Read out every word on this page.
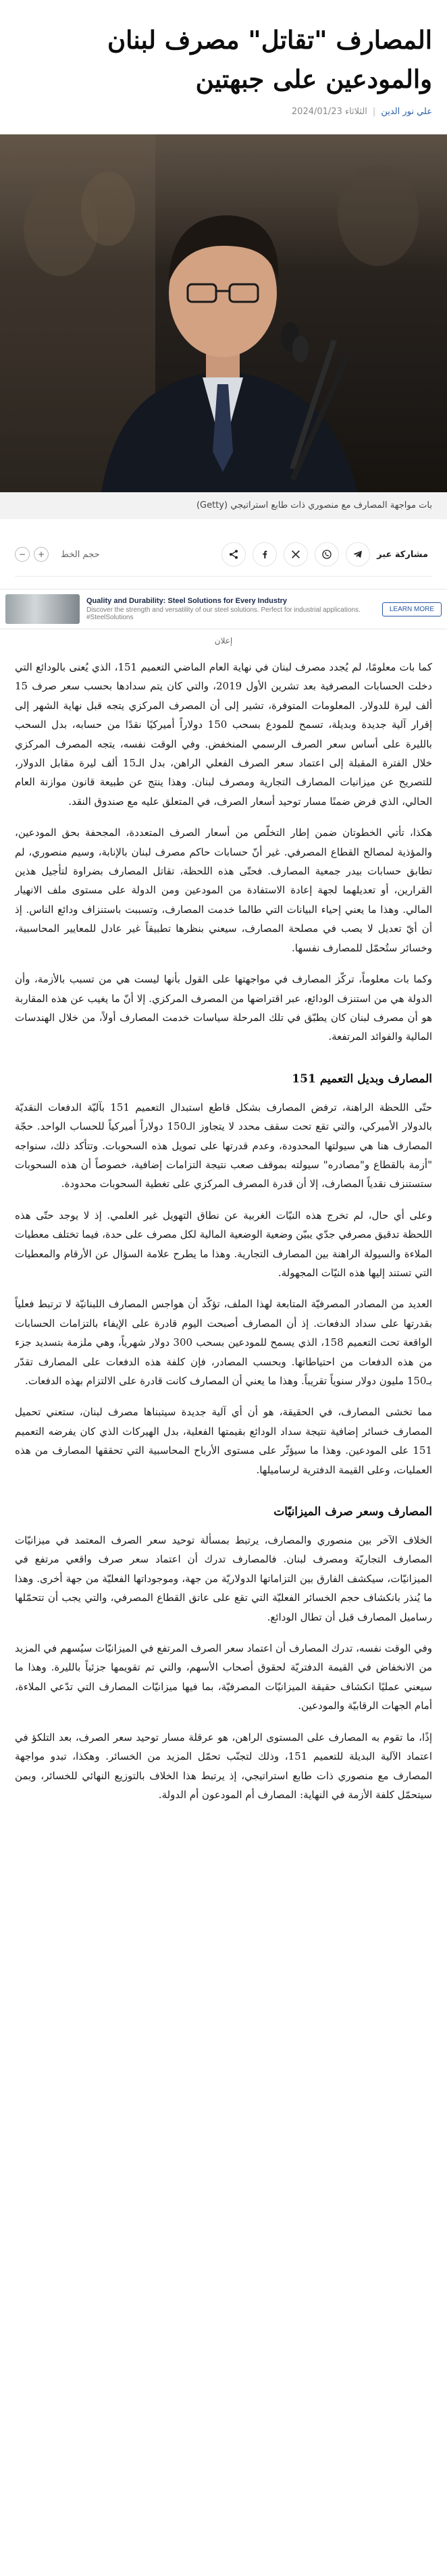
المصارف "تقاتل" مصرف لبنان والمودعين على جبهتين
علي نور الدين
|
الثلاثاء 2024/01/23
بات مواجهة المصارف مع منصوري ذات طابع استراتيجي (Getty)
مشاركة عبر
حجم الخط
+
−
Quality and Durability: Steel Solutions for Every Industry
Discover the strength and versatility of our steel solutions. Perfect for industrial applications. #SteelSolutions
LEARN MORE
إعلان

كما بات معلومًا، لم يُجدد مصرف لبنان في نهاية العام الماضي التعميم 151، الذي يُعنى بالودائع التي دخلت الحسابات المصرفية بعد تشرين الأول 2019، والتي كان يتم سدادها بحسب سعر صرف 15 ألف ليرة للدولار. المعلومات المتوفرة، تشير إلى أن المصرف المركزي يتجه قبل نهاية الشهر إلى إقرار آلية جديدة وبديلة، تسمح للمودع بسحب 150 دولاراً أميركيًا نقدًا من حسابه، بدل السحب بالليرة على أساس سعر الصرف الرسمي المنخفض. وفي الوقت نفسه، يتجه المصرف المركزي خلال الفترة المقبلة إلى اعتماد سعر الصرف الفعلي الراهن، بدل الـ15 ألف ليرة مقابل الدولار، للتصريح عن ميزانيات المصارف التجارية ومصرف لبنان. وهذا ينتج عن طبيعة قانون موازنة العام الحالي، الذي فرض ضمنًا مسار توحيد أسعار الصرف، في المتعلق عليه مع صندوق النقد.

هكذا، تأتي الخطوتان ضمن إطار التخلّص من أسعار الصرف المتعددة، المجحفة بحق المودعين، والمؤذية لمصالح القطاع المصرفي. غير أنّ حسابات حاكم مصرف لبنان بالإنابة، وسيم منصوري، لم تطابق حسابات بيدر جمعية المصارف. فحتّى هذه اللحظة، تقاتل المصارف بضراوة لتأجيل هذين القرارين، أو تعديلهما لجهة إعادة الاستفادة من المودعين ومن الدولة على مستوى ملف الانهيار المالي. وهذا ما يعني إحياء البيانات التي طالما خدمت المصارف، وتسببت باستنزاف ودائع الناس. إذ أن أيّ تعديل لا يصب في مصلحة المصارف، سيعني بنظرها تطبيقاً غير عادل للمعايير المحاسبية، وخسائر ستُحمّل للمصارف نفسها.

وكما بات معلوماً، تركّز المصارف في مواجهتها على القول بأنها ليست هي من تسبب بالأزمة، وأن الدولة هي من استنزف الودائع، عبر اقتراضها من المصرف المركزي. إلا أنّ ما يغيب عن هذه المقاربة هو أن مصرف لبنان كان يطبّق في تلك المرحلة سياسات خدمت المصارف أولاً، من خلال الهندسات المالية والفوائد المرتفعة.

المصارف وبديل التعميم 151

حتّى اللحظة الراهنة، ترفض المصارف بشكل قاطع استبدال التعميم 151 بآليّة الدفعات النقديّة بالدولار الأميركي، والتي تقع تحت سقف محدد لا يتجاوز الـ150 دولاراً أميركياً للحساب الواحد. حجّة المصارف هنا هي سيولتها المحدودة، وعدم قدرتها على تمويل هذه السحوبات. وتتأكد ذلك، سنواجه "أزمة بالقطاع و"مصادره" سيولته بموقف صعب نتيجة التزامات إضافية، خصوصاً أن هذه السحوبات ستستنزف نقدياً المصارف، إلا أن قدرة المصرف المركزي على تغطية السحوبات محدودة.

وعلى أي حال، لم تخرج هذه النيّات الغربية عن نطاق التهويل غير العلمي. إذ لا يوجد حتّى هذه اللحظة تدقيق مصرفي جدّي يبيّن وضعية الوضعية المالية لكل مصرف على حدة، فيما تختلف معطيات الملاءة والسيولة الراهنة بين المصارف التجارية. وهذا ما يطرح علامة السؤال عن الأرقام والمعطيات التي تستند إليها هذه النيّات المجهولة.

العديد من المصادر المصرفيّة المتابعة لهذا الملف، تؤكّد أن هواجس المصارف اللبنانيّة لا ترتبط فعلياً بقدرتها على سداد الدفعات. إذ أن المصارف أصبحت اليوم قادرة على الإيفاء بالتزامات الحسابات الواقعة تحت التعميم 158، الذي يسمح للمودعين بسحب 300 دولار شهرياً، وهي ملزمة بتسديد جزء من هذه الدفعات من احتياطاتها. وبحسب المصادر، فإن كلفة هذه الدفعات على المصارف تقدّر بـ150 مليون دولار سنوياً تقريباً. وهذا ما يعني أن المصارف كانت قادرة على الالتزام بهذه الدفعات.

مما تخشى المصارف، في الحقيقة، هو أن أي آلية جديدة سيتبناها مصرف لبنان، ستعني تحميل المصارف خسائر إضافية نتيجة سداد الودائع بقيمتها الفعلية، بدل الهيركات الذي كان يفرضه التعميم 151 على المودعين. وهذا ما سيؤثّر على مستوى الأرباح المحاسبية التي تحققها المصارف من هذه العمليات، وعلى القيمة الدفترية لرساميلها.

المصارف وسعر صرف الميزانيّات

الخلاف الآخر بين منصوري والمصارف، يرتبط بمسألة توحيد سعر الصرف المعتمد في ميزانيّات المصارف التجاريّة ومصرف لبنان. فالمصارف تدرك أن اعتماد سعر صرف واقعي مرتفع في الميزانيّات، سيكشف الفارق بين التزاماتها الدولاريّة من جهة، وموجوداتها الفعليّة من جهة أخرى. وهذا ما يُنذر بانكشاف حجم الخسائر الفعليّة التي تقع على عاتق القطاع المصرفي، والتي يجب أن تتحمّلها رساميل المصارف قبل أن تطال الودائع.

وفي الوقت نفسه، تدرك المصارف أن اعتماد سعر الصرف المرتفع في الميزانيّات سيُسهم في المزيد من الانخفاض في القيمة الدفتريّة لحقوق أصحاب الأسهم، والتي تم تقويمها جزئياً بالليرة. وهذا ما سيعني عمليًا انكشاف حقيقة الميزانيّات المصرفيّة، بما فيها ميزانيّات المصارف التي تدّعي الملاءة، أمام الجهات الرقابيّة والمودعين.

إذًا، ما تقوم به المصارف على المستوى الراهن، هو عرقلة مسار توحيد سعر الصرف، بعد التلكؤ في اعتماد الآلية البديلة للتعميم 151، وذلك لتجنّب تحمّل المزيد من الخسائر. وهكذا، تبدو مواجهة المصارف مع منصوري ذات طابع استراتيجي، إذ يرتبط هذا الخلاف بالتوزيع النهائي للخسائر، وبمن سيتحمّل كلفة الأزمة في النهاية: المصارف أم المودعون أم الدولة.
